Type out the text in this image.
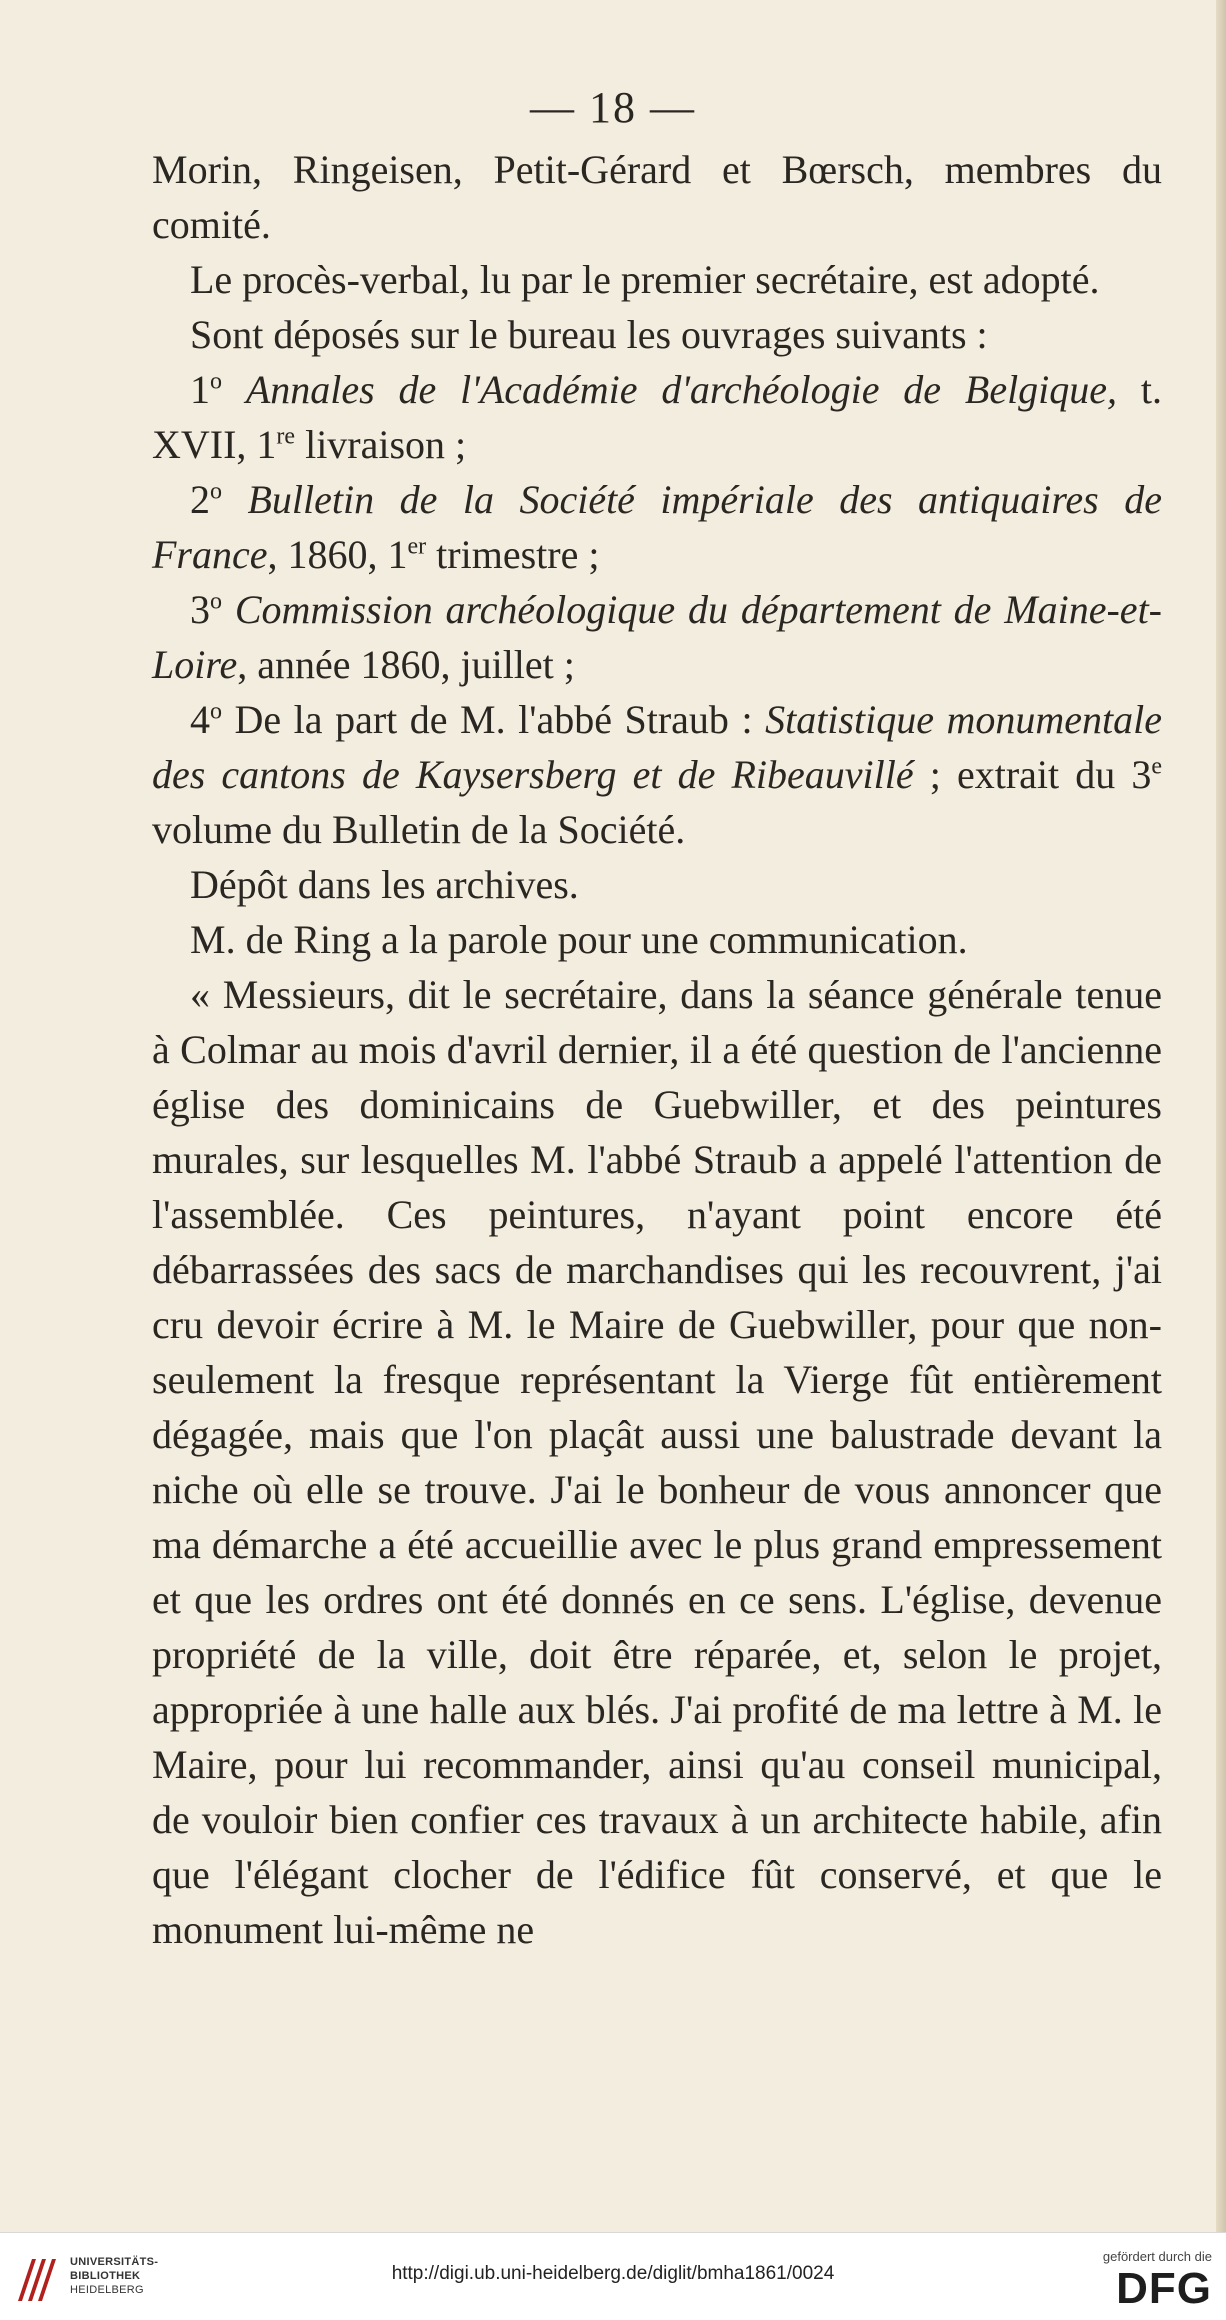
— 18 —

Morin, Ringeisen, Petit-Gérard et Bœrsch, membres du comité.

Le procès-verbal, lu par le premier secrétaire, est adopté.

Sont déposés sur le bureau les ouvrages suivants :

1$^o$ Annales de l'Académie d'archéologie de Belgique, t. XVII, 1re livraison ;

2$^o$ Bulletin de la Société impériale des antiquaires de France, 1860, 1er trimestre ;

3$^o$ Commission archéologique du département de Maine-et-Loire, année 1860, juillet ;

4$^o$ De la part de M. l'abbé Straub : Statistique monumentale des cantons de Kaysersberg et de Ribeauvillé ; extrait du 3e volume du Bulletin de la Société.

Dépôt dans les archives.

M. de Ring a la parole pour une communication.

« Messieurs, dit le secrétaire, dans la séance générale tenue à Colmar au mois d'avril dernier, il a été question de l'ancienne église des dominicains de Guebwiller, et des peintures murales, sur lesquelles M. l'abbé Straub a appelé l'attention de l'assemblée. Ces peintures, n'ayant point encore été débarrassées des sacs de marchandises qui les recouvrent, j'ai cru devoir écrire à M. le Maire de Guebwiller, pour que non-seulement la fresque représentant la Vierge fût entièrement dégagée, mais que l'on plaçât aussi une balustrade devant la niche où elle se trouve. J'ai le bonheur de vous annoncer que ma démarche a été accueillie avec le plus grand empressement et que les ordres ont été donnés en ce sens. L'église, devenue propriété de la ville, doit être réparée, et, selon le projet, appropriée à une halle aux blés. J'ai profité de ma lettre à M. le Maire, pour lui recommander, ainsi qu'au conseil municipal, de vouloir bien confier ces travaux à un architecte habile, afin que l'élégant clocher de l'édifice fût conservé, et que le monument lui-même ne

UNIVERSITÄTS-
BIBLIOTHEK
HEIDELBERG
http://digi.ub.uni-heidelberg.de/diglit/bmha1861/0024
gefördert durch die
DFG
